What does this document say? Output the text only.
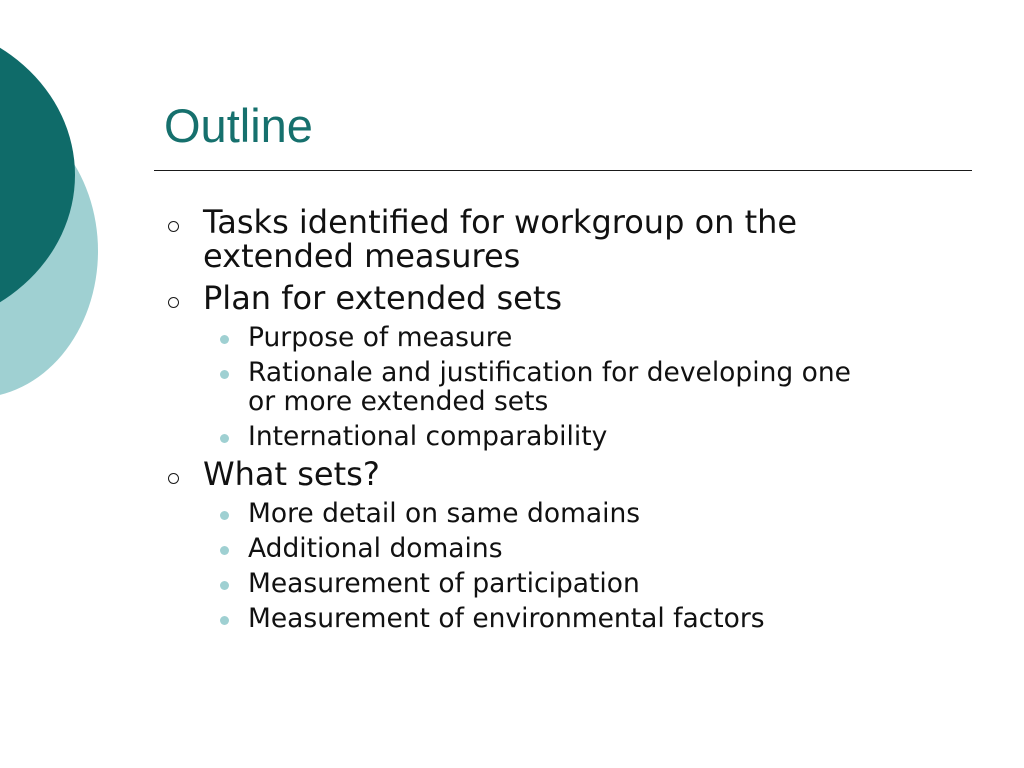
Outline
Tasks identified for workgroup on the
extended measures
Plan for extended sets
Purpose of measure
Rationale and justification for developing one
or more extended sets
International comparability
What sets?
More detail on same domains
Additional domains
Measurement of participation
Measurement of environmental factors
